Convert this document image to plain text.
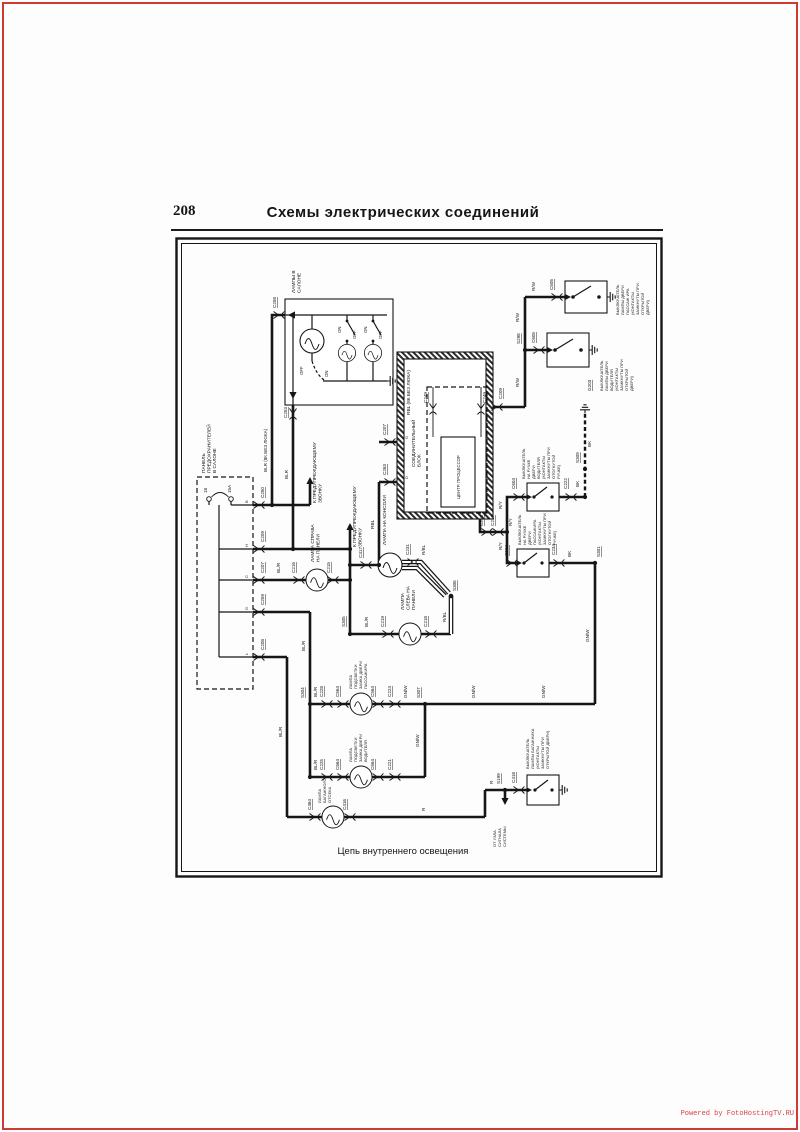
208	Схемы электрических соединений
ПАНЕЛЬПРЕДОХРАНИТЕЛЕЙВ САЛОНЕ
18	15A
B
H
C
G
L
C250
C209
C207
C259
C208
ЛАМПЫ ВСАЛОНЕ
OFF	ON
ON
OFF
ON
OFF
C258
C253
К ПРЕДУПРЕЖДАЮЩЕМУЗВОНКУ	К ПРЕДУПРЕЖДАЮЩЕМУЗВОНКУ
RBL (8К БЕЗ ЛЮКА)
СОЕДИНИТЕЛЬНЫЙБЛОК	ЦЕНТР. ПРОЦЕССОР
G
D
C207
C263
C249	C249 C209
C218 C217
RBL
C505
ВЫКЛЮЧАТЕЛЬЛАМПЫ ДВЕРИПАССАЖ ИРА(КОНТАКТЫЗАМКНУТЫ ПРИОТКРЫТОЙДВЕРИ)
C605
ВЫКЛЮЧАТЕЛЬЛАМПЫ ДВЕРИВОДИТЕЛЯ(КОНТАКТЫЗАМКНУТЫ ПРИОТКРЫТОЙДВЕРИ)
C604
ВЫКЛЮЧАТЕЛЬНА РУЧКЕДВЕРИВОДИТЕЛЯ(КОНТАКТЫЗАМКНУТЫ ПРИОТОГНУТОЙРУЧКЕ)
C504
ВЫКЛЮЧАТЕЛЬНА РУЧКЕДВЕРИПАССАЖИРА(КОНТАКТЫЗАМКНУТЫ ПРИОТОГНУТОЙРУЧКЕ)
C234
G203
C222
S309
S301
C216	C215
ЛАМПА СПРАВАНА ПАНЕЛИ	C317	C231
ЛАМПА НА КОНСОЛИ
C219	C218
ЛАМПАСЛЕВА НАПАНЕЛИ
C228 C564	C564	C224
ЛАМПАПОДСВЕТКИЗАМКА ДВЕРИПАССАЖИРА
C225 C664	C664	C221
ЛАМПАПОДСВЕТКИЗАМКА ДВЕРИВОДИТЕЛЯ
C464	C416
ЛАМПАБАГАЖНОГООТСЕКА
C418
ВЫКЛЮЧАТЕЛЬЛАМПЫ БАГАЖНИКА(КОНТАКТЫЗАМКНУТЫ ПРИОТКРЫТОЙ ДВЕРИ)
ОТ УЗЛАСИГНАЛАСИСТЕМЫ
BLR (8К БЕЗ ЛЮКА)
BLR
BL/R
BL/R
BL/R
BL/R
BL/R
BL/R
R/BL
R/BL
GN/W	GN/W	GN/W
GN/W
GN/W
R/W
R/W
R/W
R/Y
R/Y
R/Y
BK
BK
BK
R
R
S298
S305
S306
S304	S307
S199
Цепь внутреннего освещения
Powered by FotoHostingTV.RU
